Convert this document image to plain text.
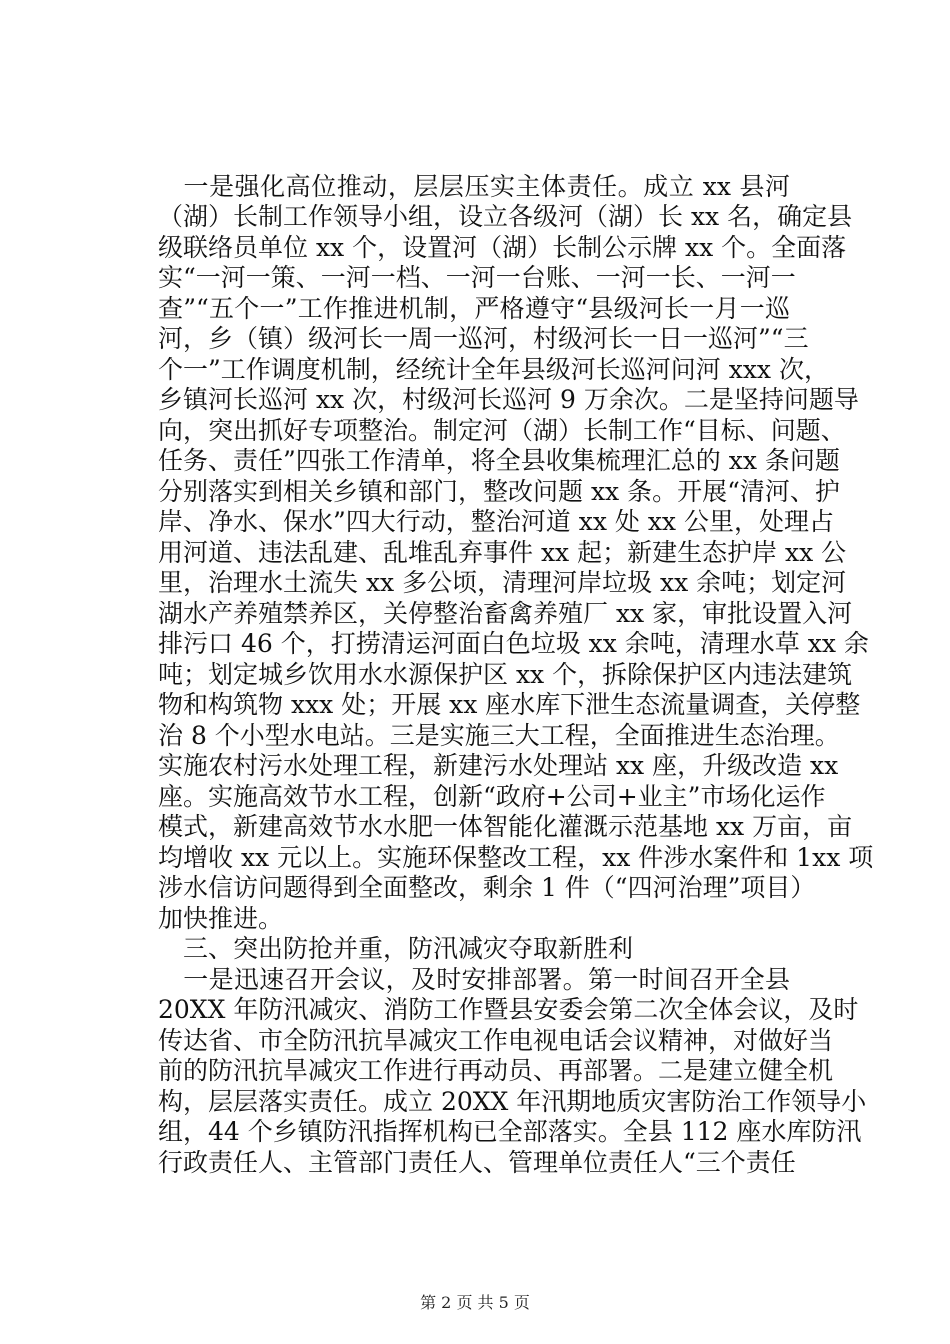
　一是强化高位推动，层层压实主体责任。成立 xx 县河
（湖）长制工作领导小组，设立各级河（湖）长 xx 名，确定县
级联络员单位 xx 个，设置河（湖）长制公示牌 xx 个。全面落
实“一河一策、一河一档、一河一台账、一河一长、一河一
查”“五个一”工作推进机制，严格遵守“县级河长一月一巡
河，乡（镇）级河长一周一巡河，村级河长一日一巡河”“三
个一”工作调度机制，经统计全年县级河长巡河问河 xxx 次，
乡镇河长巡河 xx 次，村级河长巡河 9 万余次。二是坚持问题导
向，突出抓好专项整治。制定河（湖）长制工作“目标、问题、
任务、责任”四张工作清单，将全县收集梳理汇总的 xx 条问题
分别落实到相关乡镇和部门，整改问题 xx 条。开展“清河、护
岸、净水、保水”四大行动，整治河道 xx 处 xx 公里，处理占
用河道、违法乱建、乱堆乱弃事件 xx 起；新建生态护岸 xx 公
里，治理水土流失 xx 多公顷，清理河岸垃圾 xx 余吨；划定河
湖水产养殖禁养区，关停整治畜禽养殖厂 xx 家，审批设置入河
排污口 46 个，打捞清运河面白色垃圾 xx 余吨，清理水草 xx 余
吨；划定城乡饮用水水源保护区 xx 个，拆除保护区内违法建筑
物和构筑物 xxx 处；开展 xx 座水库下泄生态流量调查，关停整
治 8 个小型水电站。三是实施三大工程，全面推进生态治理。
实施农村污水处理工程，新建污水处理站 xx 座，升级改造 xx
座。实施高效节水工程，创新“政府+公司+业主”市场化运作
模式，新建高效节水水肥一体智能化灌溉示范基地 xx 万亩，亩
均增收 xx 元以上。实施环保整改工程，xx 件涉水案件和 1xx 项
涉水信访问题得到全面整改，剩余 1 件（“四河治理”项目）
加快推进。
　三、突出防抢并重，防汛减灾夺取新胜利
　一是迅速召开会议，及时安排部署。第一时间召开全县
20XX 年防汛减灾、消防工作暨县安委会第二次全体会议，及时
传达省、市全防汛抗旱减灾工作电视电话会议精神，对做好当
前的防汛抗旱减灾工作进行再动员、再部署。二是建立健全机
构，层层落实责任。成立 20XX 年汛期地质灾害防治工作领导小
组，44 个乡镇防汛指挥机构已全部落实。全县 112 座水库防汛
行政责任人、主管部门责任人、管理单位责任人“三个责任
第 2 页 共 5 页
